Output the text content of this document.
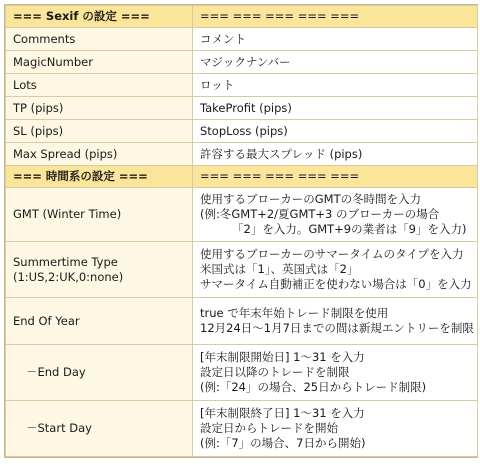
=== Sexif の設定 ===	=== === === === ===
Comments	コメント
MagicNumber	マジックナンバー
Lots	ロット
TP (pips)	TakeProfit (pips)
SL (pips)	StopLoss (pips)
Max Spread (pips)	許容する最大スプレッド (pips)
=== 時間系の設定 ===	=== === === === ===
GMT (Winter Time)	使用するブローカーのGMTの冬時間を入力
(例:冬GMT+2/夏GMT+3 のブローカーの場合
「2」を入力。GMT+9の業者は「9」を入力)

Summertime Type
(1:US,2:UK,0:none)	使用するブローカーのサマータイムのタイプを入力
米国式は「1」、英国式は「2」
サマータイム自動補正を使わない場合は「0」を入力

End Of Year	true で年末年始トレード制限を使用
12月24日～1月7日までの間は新規エントリーを制限

－End Day	[年末制限開始日] 1～31 を入力
設定日以降のトレードを制限
(例:「24」の場合、25日からトレード制限)

－Start Day	[年末制限終了日] 1～31 を入力
設定日からトレードを開始
(例:「7」の場合、7日から開始)
